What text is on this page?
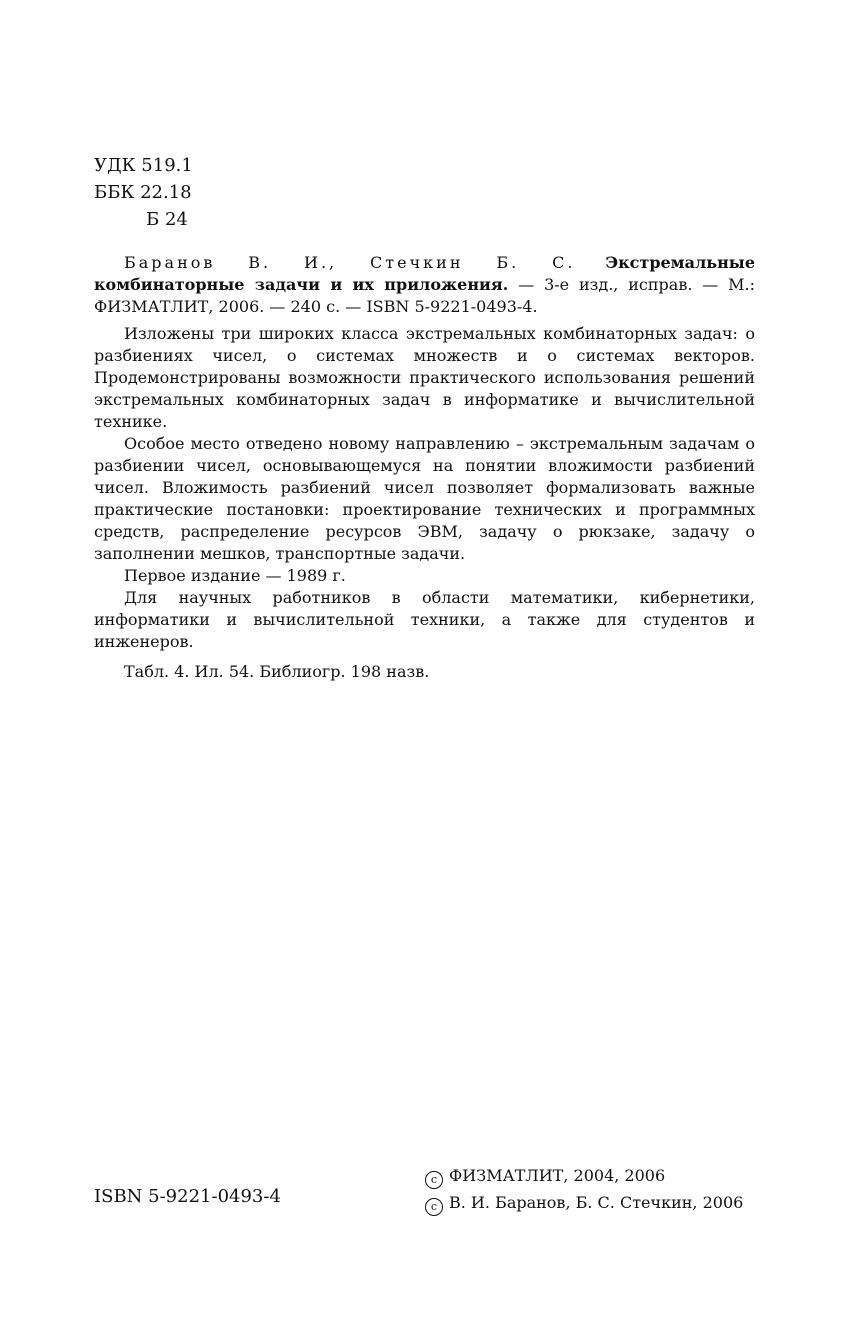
УДК 519.1
ББК 22.18
Б 24
Баранов В. И., Стечкин Б. С. Экстремальные комбинаторные задачи и их приложения. — 3-е изд., исправ. — М.: ФИЗМАТЛИТ, 2006. — 240 с. — ISBN 5-9221-0493-4.

Изложены три широких класса экстремальных комбинаторных задач: о разбиениях чисел, о системах множеств и о системах векторов. Продемонстрированы возможности практического использования решений экстремальных комбинаторных задач в информатике и вычислительной технике.

Особое место отведено новому направлению – экстремальным задачам о разбиении чисел, основывающемуся на понятии вложимости разбиений чисел. Вложимость разбиений чисел позволяет формализовать важные практические постановки: проектирование технических и программных средств, распределение ресурсов ЭВМ, задачу о рюкзаке, задачу о заполнении мешков, транспортные задачи.

Первое издание — 1989 г.

Для научных работников в области математики, кибернетики, информатики и вычислительной техники, а также для студентов и инженеров.

Табл. 4. Ил. 54. Библиогр. 198 назв.

ISBN 5-9221-0493-4
c ФИЗМАТЛИТ, 2004, 2006
c В. И. Баранов, Б. С. Стечкин, 2006
